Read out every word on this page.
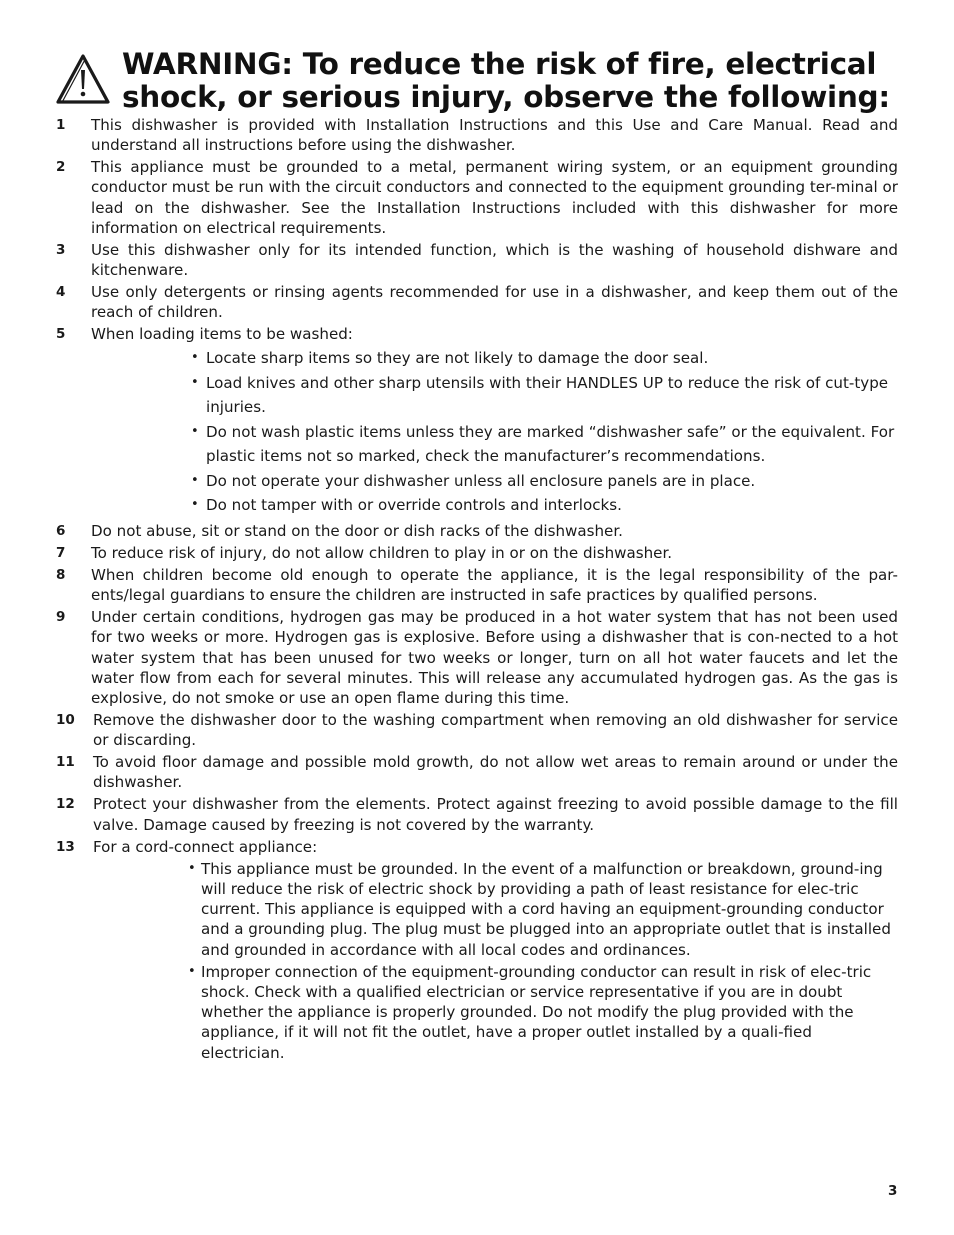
WARNING: To reduce the risk of fire, electrical
shock, or serious injury, observe the following:
1 This dishwasher is provided with Installation Instructions and this Use and Care Manual. Read and understand all instructions before using the dishwasher.
2 This appliance must be grounded to a metal, permanent wiring system, or an equipment grounding conductor must be run with the circuit conductors and connected to the equipment grounding ter-minal or lead on the dishwasher. See the Installation Instructions included with this dishwasher for more information on electrical requirements.
3 Use this dishwasher only for its intended function, which is the washing of household dishware and kitchenware.
4 Use only detergents or rinsing agents recommended for use in a dishwasher, and keep them out of the reach of children.
5 When loading items to be washed:
• Locate sharp items so they are not likely to damage the door seal.
• Load knives and other sharp utensils with their HANDLES UP to reduce the risk of cut-type injuries.
• Do not wash plastic items unless they are marked “dishwasher safe” or the equivalent. For plastic items not so marked, check the manufacturer’s recommendations.
• Do not operate your dishwasher unless all enclosure panels are in place.
• Do not tamper with or override controls and interlocks.
6 Do not abuse, sit or stand on the door or dish racks of the dishwasher.
7 To reduce risk of injury, do not allow children to play in or on the dishwasher.
8 When children become old enough to operate the appliance, it is the legal responsibility of the par-ents/legal guardians to ensure the children are instructed in safe practices by qualified persons.
9 Under certain conditions, hydrogen gas may be produced in a hot water system that has not been used for two weeks or more. Hydrogen gas is explosive. Before using a dishwasher that is con-nected to a hot water system that has been unused for two weeks or longer, turn on all hot water faucets and let the water flow from each for several minutes. This will release any accumulated hydrogen gas. As the gas is explosive, do not smoke or use an open flame during this time.
10 Remove the dishwasher door to the washing compartment when removing an old dishwasher for service or discarding.
11 To avoid floor damage and possible mold growth, do not allow wet areas to remain around or under the dishwasher.
12 Protect your dishwasher from the elements. Protect against freezing to avoid possible damage to the fill valve. Damage caused by freezing is not covered by the warranty.
13 For a cord-connect appliance:
• This appliance must be grounded. In the event of a malfunction or breakdown, ground-ing will reduce the risk of electric shock by providing a path of least resistance for elec-tric current. This appliance is equipped with a cord having an equipment-grounding conductor and a grounding plug. The plug must be plugged into an appropriate outlet that is installed and grounded in accordance with all local codes and ordinances.
• Improper connection of the equipment-grounding conductor can result in risk of elec-tric shock. Check with a qualified electrician or service representative if you are in doubt whether the appliance is properly grounded. Do not modify the plug provided with the appliance, if it will not fit the outlet, have a proper outlet installed by a quali-fied electrician.
3
